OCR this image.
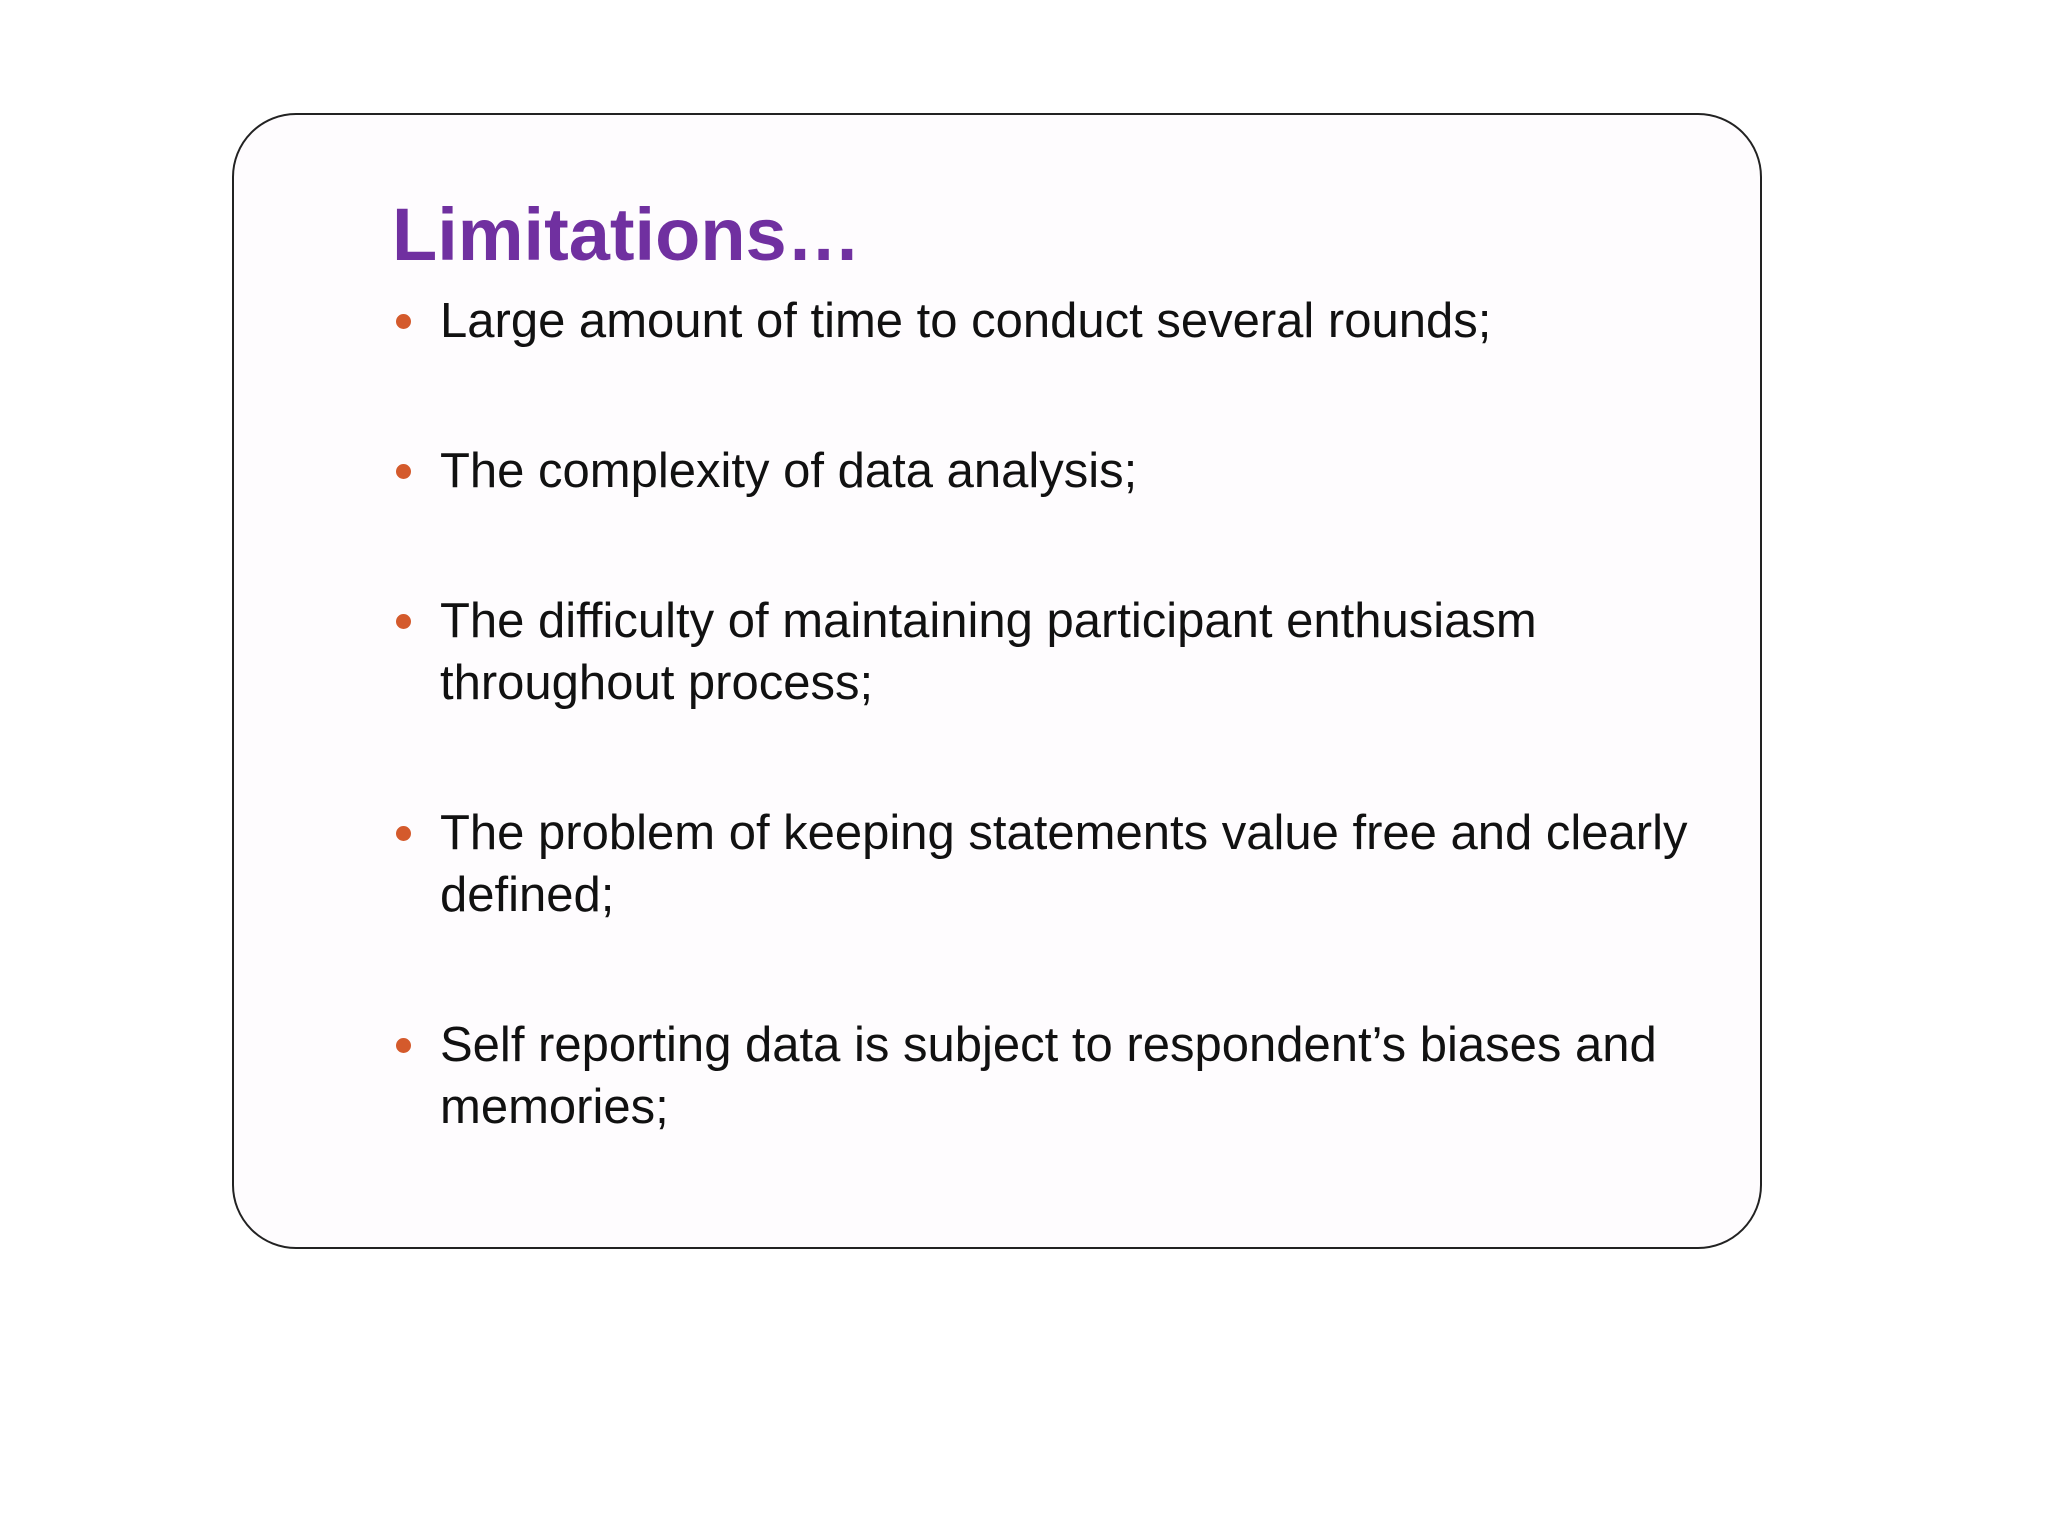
Limitations…
Large amount of time to conduct several rounds;
The complexity of data analysis;
The difficulty of maintaining participant enthusiasm throughout process;
The problem of keeping statements value free and clearly defined;
Self reporting data is subject to respondent’s biases and memories;
